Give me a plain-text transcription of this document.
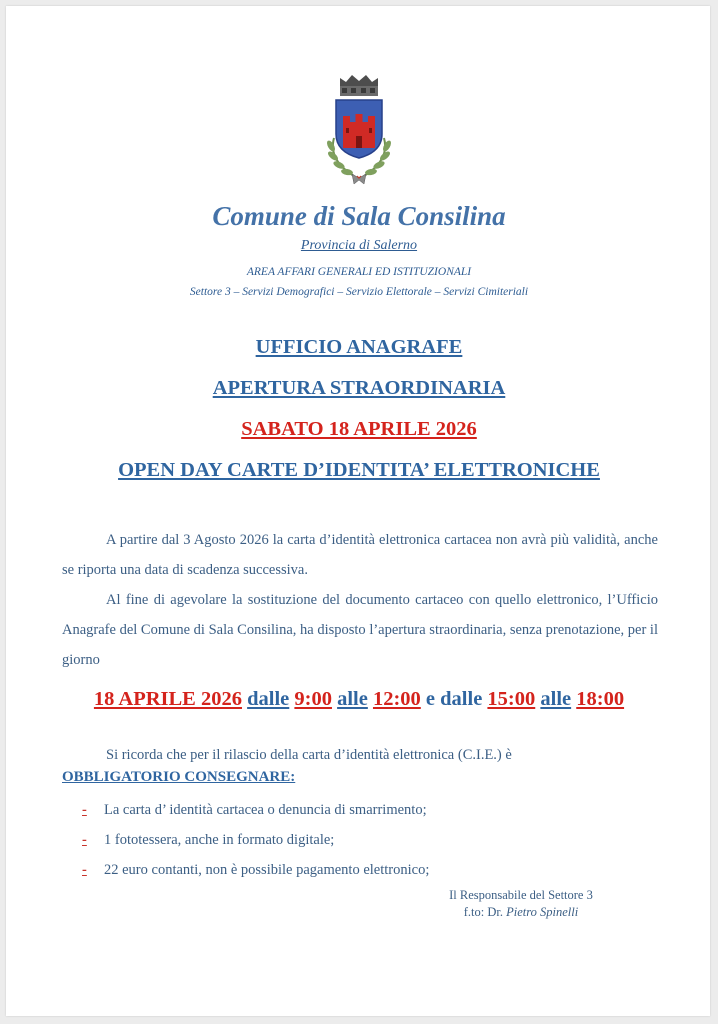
Comune di Sala Consilina
Provincia di Salerno
AREA AFFARI GENERALI ED ISTITUZIONALI
Settore 3 – Servizi Demografici – Servizio Elettorale – Servizi Cimiteriali
UFFICIO ANAGRAFE
APERTURA STRAORDINARIA
SABATO 18 APRILE 2026
OPEN DAY CARTE D’IDENTITA’ ELETTRONICHE
A partire dal 3 Agosto 2026 la carta d’identità elettronica cartacea non avrà più validità, anche se riporta una data di scadenza successiva.
Al fine di agevolare la sostituzione del documento cartaceo con quello elettronico, l’Ufficio Anagrafe del Comune di Sala Consilina, ha disposto l’apertura straordinaria, senza prenotazione, per il giorno
18 APRILE 2026 dalle 9:00 alle 12:00 e dalle 15:00 alle 18:00
Si ricorda che per il rilascio della carta d’identità elettronica (C.I.E.) è
OBBLIGATORIO CONSEGNARE:
- La carta d’ identità cartacea o denuncia di smarrimento;
- 1 fototessera, anche in formato digitale;
- 22 euro contanti, non è possibile pagamento elettronico;
Il Responsabile del Settore 3
f.to: Dr. Pietro Spinelli
